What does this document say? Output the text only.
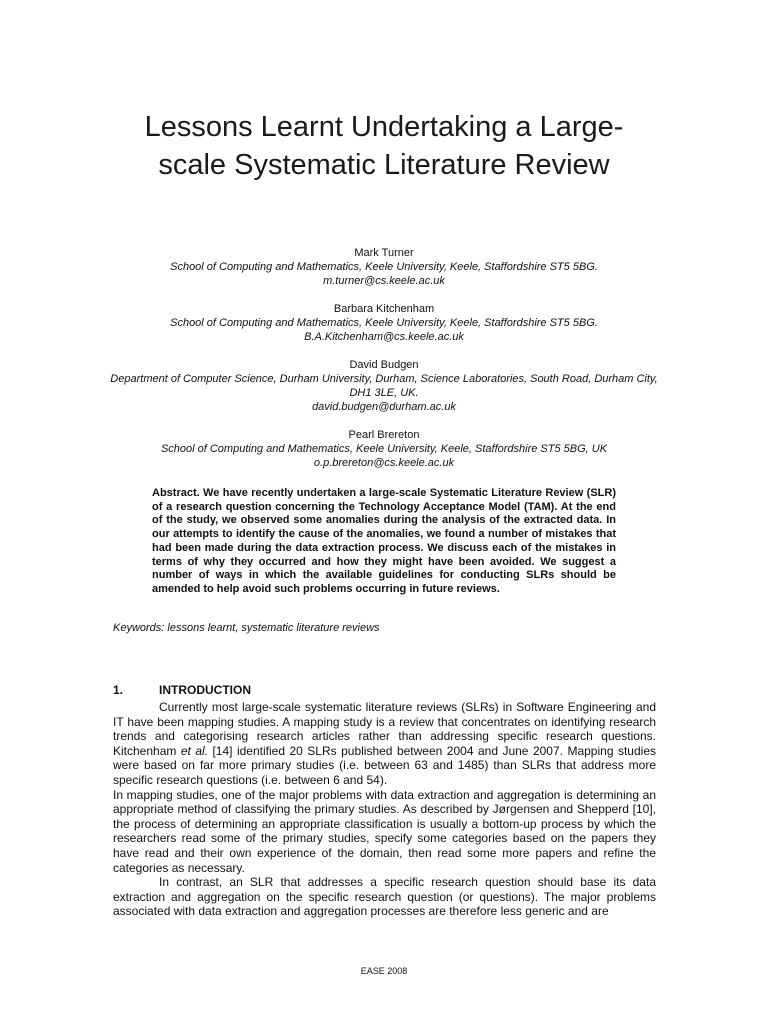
Lessons Learnt Undertaking a Large-
scale Systematic Literature Review
Mark Turner
School of Computing and Mathematics, Keele University, Keele, Staffordshire ST5 5BG.
m.turner@cs.keele.ac.uk
Barbara Kitchenham
School of Computing and Mathematics, Keele University, Keele, Staffordshire ST5 5BG.
B.A.Kitchenham@cs.keele.ac.uk
David Budgen
Department of Computer Science, Durham University, Durham, Science Laboratories, South Road, Durham City, DH1 3LE, UK.
david.budgen@durham.ac.uk
Pearl Brereton
School of Computing and Mathematics, Keele University, Keele, Staffordshire ST5 5BG, UK
o.p.brereton@cs.keele.ac.uk
Abstract. We have recently undertaken a large-scale Systematic Literature Review (SLR) of a research question concerning the Technology Acceptance Model (TAM). At the end of the study, we observed some anomalies during the analysis of the extracted data. In our attempts to identify the cause of the anomalies, we found a number of mistakes that had been made during the data extraction process. We discuss each of the mistakes in terms of why they occurred and how they might have been avoided. We suggest a number of ways in which the available guidelines for conducting SLRs should be amended to help avoid such problems occurring in future reviews.
Keywords: lessons learnt, systematic literature reviews
1.	INTRODUCTION

Currently most large-scale systematic literature reviews (SLRs) in Software Engineering and IT have been mapping studies. A mapping study is a review that concentrates on identifying research trends and categorising research articles rather than addressing specific research questions. Kitchenham et al. [14] identified 20 SLRs published between 2004 and June 2007. Mapping studies were based on far more primary studies (i.e. between 63 and 1485) than SLRs that address more specific research questions (i.e. between 6 and 54).

In mapping studies, one of the major problems with data extraction and aggregation is determining an appropriate method of classifying the primary studies. As described by Jørgensen and Shepperd [10], the process of determining an appropriate classification is usually a bottom-up process by which the researchers read some of the primary studies, specify some categories based on the papers they have read and their own experience of the domain, then read some more papers and refine the categories as necessary.

In contrast, an SLR that addresses a specific research question should base its data extraction and aggregation on the specific research question (or questions). The major problems associated with data extraction and aggregation processes are therefore less generic and are

EASE 2008
